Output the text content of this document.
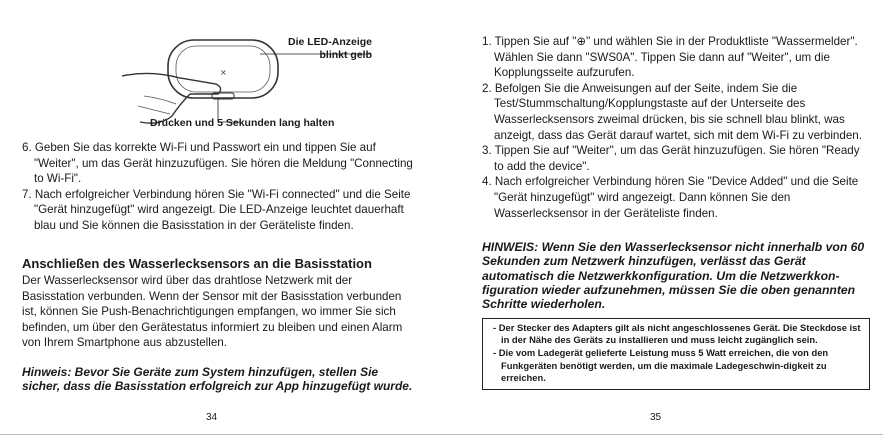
×
Die LED-Anzeige
blinkt gelb
Drücken und 5 Sekunden lang halten
6. Geben Sie das korrekte Wi-Fi und Passwort ein und tippen Sie auf "Weiter", um das Gerät hinzuzufügen. Sie hören die Meldung "Connecting to Wi-Fi".
7. Nach erfolgreicher Verbindung hören Sie "Wi-Fi connected" und die Seite "Gerät hinzugefügt" wird angezeigt. Die LED-Anzeige leuchtet dauerhaft blau und Sie können die Basisstation in der Geräteliste finden.
Anschließen des Wasserlecksensors an die Basisstation

Der Wasserlecksensor wird über das drahtlose Netzwerk mit der Basisstation verbunden. Wenn der Sensor mit der Basisstation verbunden ist, können Sie Push-Benachrichtigungen empfangen, wo immer Sie sich befinden, um über den Gerätestatus informiert zu bleiben und einen Alarm von Ihrem Smartphone aus abzustellen.

Hinweis: Bevor Sie Geräte zum System hinzufügen, stellen Sie sicher, dass die Basisstation erfolgreich zur App hinzugefügt wurde.

34
1. Tippen Sie auf "⊕" und wählen Sie in der Produktliste "Wassermelder". Wählen Sie dann "SWS0A". Tippen Sie dann auf "Weiter", um die Kopplungsseite aufzurufen.
2. Befolgen Sie die Anweisungen auf der Seite, indem Sie die Test/Stummschaltung/Kopplungstaste auf der Unterseite des Wasserlecksensors zweimal drücken, bis sie schnell blau blinkt, was anzeigt, dass das Gerät darauf wartet, sich mit dem Wi-Fi zu verbinden.
3. Tippen Sie auf "Weiter", um das Gerät hinzuzufügen. Sie hören "Ready to add the device".
4. Nach erfolgreicher Verbindung hören Sie "Device Added" und die Seite "Gerät hinzugefügt" wird angezeigt. Dann können Sie den Wasserlecksensor in der Geräteliste finden.

HINWEIS: Wenn Sie den Wasserlecksensor nicht innerhalb von 60 Sekunden zum Netzwerk hinzufügen, verlässt das Gerät automatisch die Netzwerkkonfiguration. Um die Netzwerkkon-figuration wieder aufzunehmen, müssen Sie die oben genannten Schritte wiederholen.

- Der Stecker des Adapters gilt als nicht angeschlossenes Gerät. Die Steckdose ist in der Nähe des Geräts zu installieren und muss leicht zugänglich sein.
- Die vom Ladegerät gelieferte Leistung muss 5 Watt erreichen, die von den Funkgeräten benötigt werden, um die maximale Ladegeschwin-digkeit zu erreichen.
35
